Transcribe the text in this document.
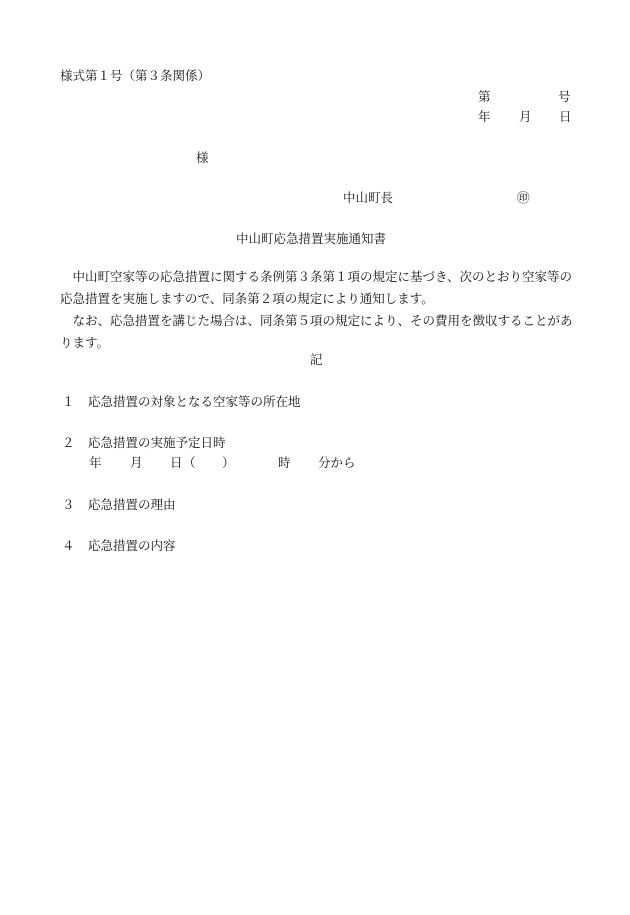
様式第１号（第３条関係）
第	号
年 月 日
様
中山町長	㊞
中山町応急措置実施通知書
中山町空家等の応急措置に関する条例第３条第１項の規定に基づき、次のとおり空家等の応急措置を実施しますので、同条第２項の規定により通知します。
なお、応急措置を講じた場合は、同条第５項の規定により、その費用を徴収することがあります。
記
１ 応急措置の対象となる空家等の所在地
２ 応急措置の実施予定日時
年 月 日 （ ）	時 分から
３ 応急措置の理由
４ 応急措置の内容
